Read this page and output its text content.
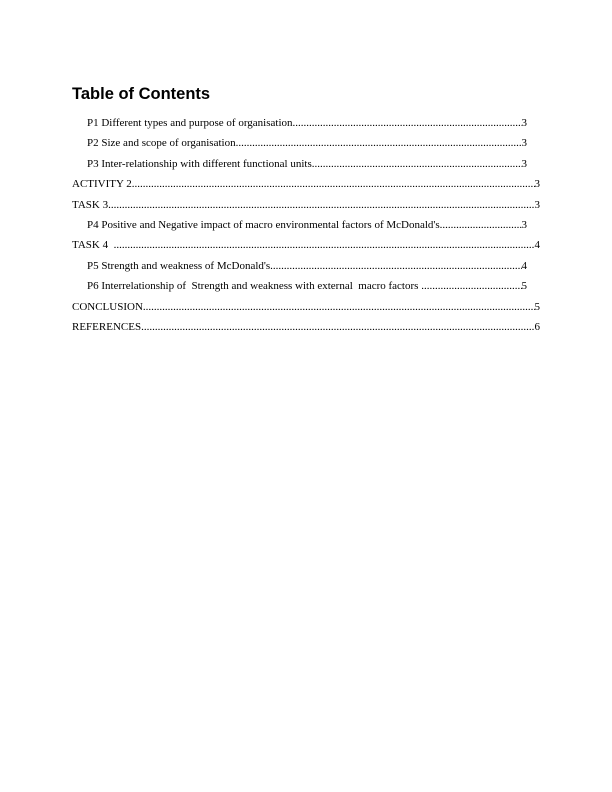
Table of Contents
P1 Different types and purpose of organisation .....	3
P2 Size and scope of organisation .....	3
P3 Inter-relationship with different functional units .....	3
ACTIVITY 2 .....	3
TASK 3 .....	3
P4 Positive and Negative impact of macro environmental factors of McDonald's .....	3
TASK 4 .....	4
P5 Strength and weakness of McDonald's .....	4
P6 Interrelationship of  Strength and weakness with external  macro factors .....	5
CONCLUSION .....	5
REFERENCES .....	6
